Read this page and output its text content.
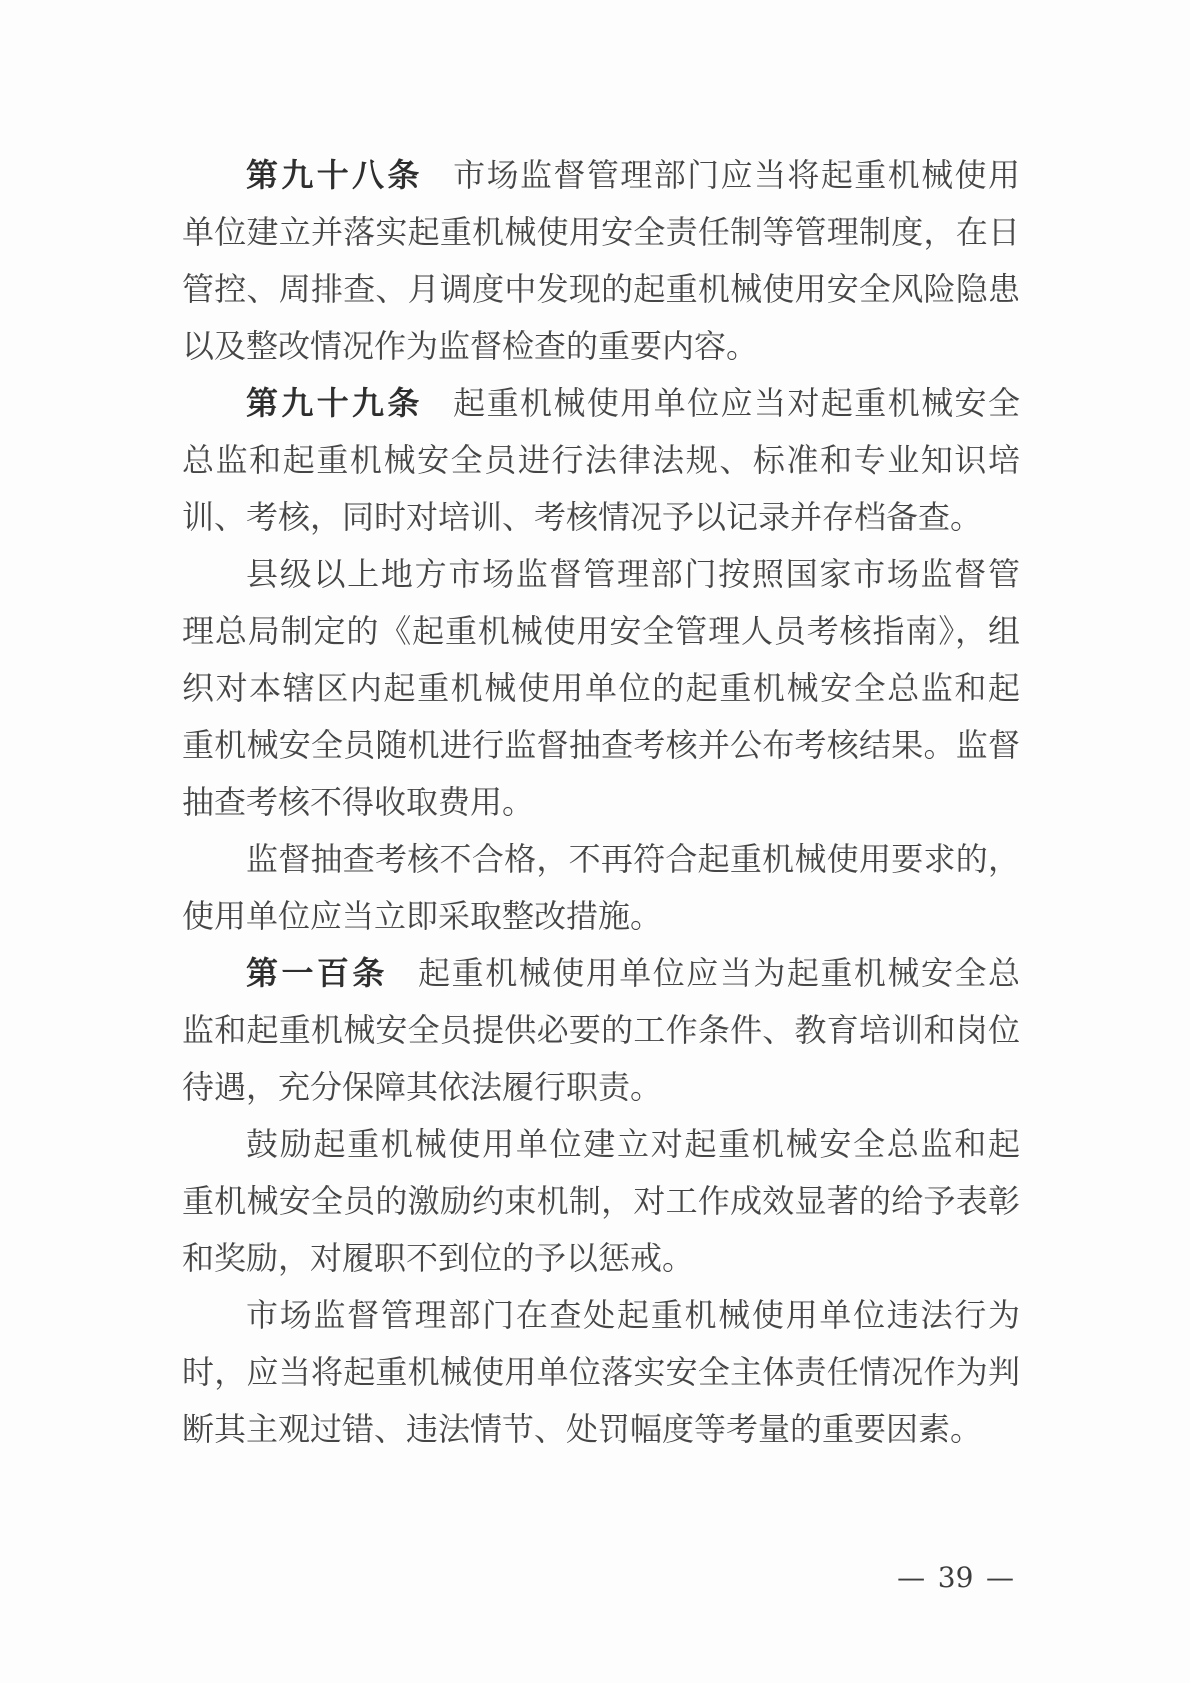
第九十八条 市场监督管理部门应当将起重机械使用
单位建立并落实起重机械使用安全责任制等管理制度，在日
管控、周排查、月调度中发现的起重机械使用安全风险隐患
以及整改情况作为监督检查的重要内容。
第九十九条 起重机械使用单位应当对起重机械安全
总监和起重机械安全员进行法律法规、标准和专业知识培
训、考核，同时对培训、考核情况予以记录并存档备查。
县级以上地方市场监督管理部门按照国家市场监督管
理总局制定的《起重机械使用安全管理人员考核指南》，组
织对本辖区内起重机械使用单位的起重机械安全总监和起
重机械安全员随机进行监督抽查考核并公布考核结果。监督
抽查考核不得收取费用。
监督抽查考核不合格，不再符合起重机械使用要求的，
使用单位应当立即采取整改措施。
第一百条 起重机械使用单位应当为起重机械安全总
监和起重机械安全员提供必要的工作条件、教育培训和岗位
待遇，充分保障其依法履行职责。
鼓励起重机械使用单位建立对起重机械安全总监和起
重机械安全员的激励约束机制，对工作成效显著的给予表彰
和奖励，对履职不到位的予以惩戒。
市场监督管理部门在查处起重机械使用单位违法行为
时，应当将起重机械使用单位落实安全主体责任情况作为判
断其主观过错、违法情节、处罚幅度等考量的重要因素。
— 39 —
